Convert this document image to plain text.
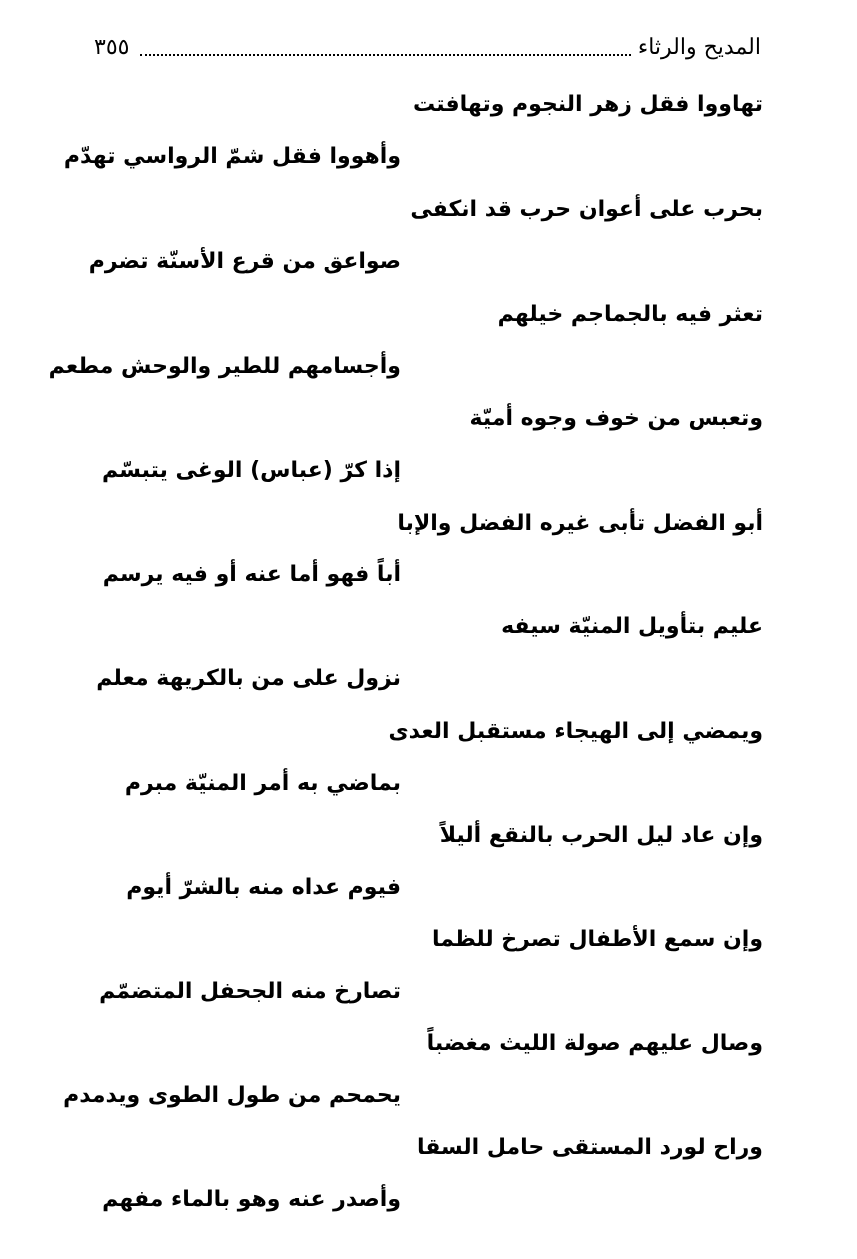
المديح والرثاء
٣٥٥
تهاووا فقل زهر النجوم وتهافتت
وأهووا فقل شمّ الرواسي تهدّم
بحرب على أعوان حرب قد انكفى
صواعق من قرع الأسنّة تضرم
تعثر فيه بالجماجم خيلهم
وأجسامهم للطير والوحش مطعم
وتعبس من خوف وجوه أميّة
إذا كرّ (عباس) الوغى يتبسّم
أبو الفضل تأبى غيره الفضل والإبا
أباً فهو أما عنه أو فيه يرسم
عليم بتأويل المنيّة سيفه
نزول على من بالكريهة معلم
ويمضي إلى الهيجاء مستقبل العدى
بماضي به أمر المنيّة مبرم
وإن عاد ليل الحرب بالنقع أليلاً
فيوم عداه منه بالشرّ أيوم
وإن سمع الأطفال تصرخ للظما
تصارخ منه الجحفل المتضمّم
وصال عليهم صولة الليث مغضباً
يحمحم من طول الطوى ويدمدم
وراح لورد المستقى حامل السقا
وأصدر عنه وهو بالماء مفهم
